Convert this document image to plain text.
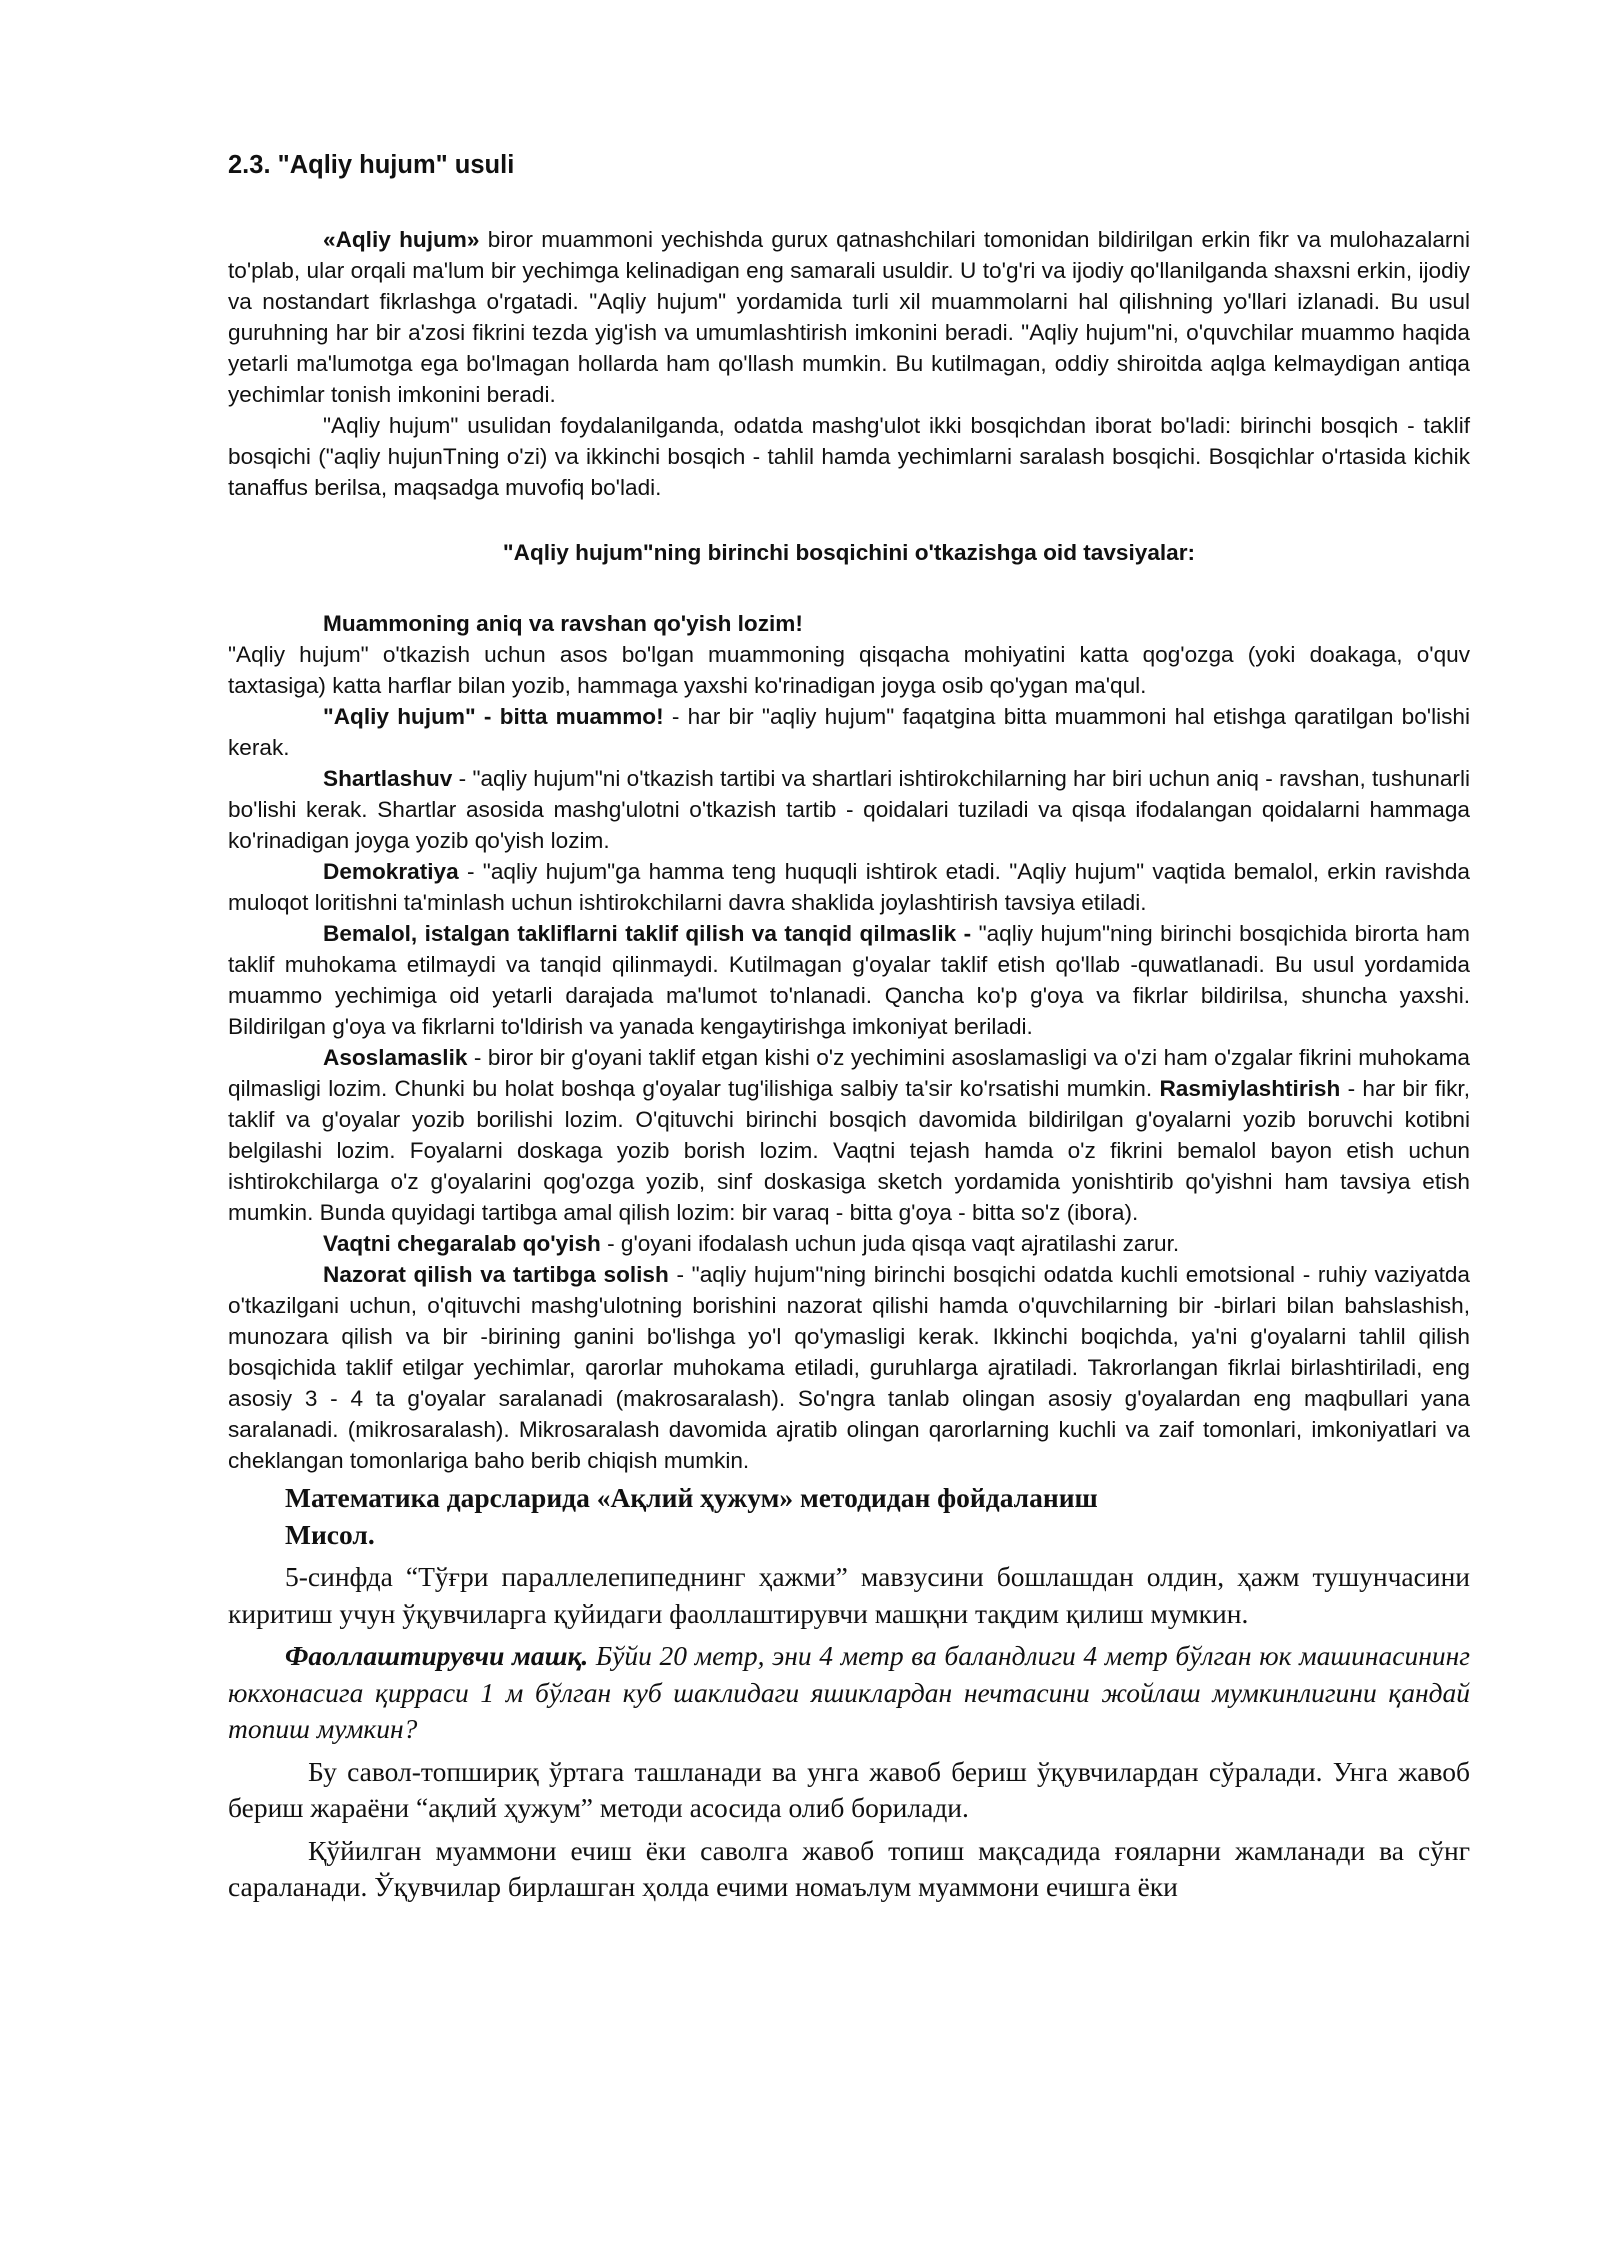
2.3. "Aqliy hujum" usuli

«Aqliy hujum» biror muammoni yechishda gurux qatnashchilari tomonidan bildirilgan erkin fikr va mulohazalarni to'plab, ular orqali ma'lum bir yechimga kelinadigan eng samarali usuldir. U to'g'ri va ijodiy qo'llanilganda shaxsni erkin, ijodiy va nostandart fikrlashga o'rgatadi. "Aqliy hujum" yordamida turli xil muammolarni hal qilishning yo'llari izlanadi. Bu usul guruhning har bir a'zosi fikrini tezda yig'ish va umumlashtirish imkonini beradi. "Aqliy hujum"ni, o'quvchilar muammo haqida yetarli ma'lumotga ega bo'lmagan hollarda ham qo'llash mumkin. Bu kutilmagan, oddiy shiroitda aqlga kelmaydigan antiqa yechimlar tonish imkonini beradi.

"Aqliy hujum" usulidan foydalanilganda, odatda mashg'ulot ikki bosqichdan iborat bo'ladi: birinchi bosqich - taklif bosqichi ("aqliy hujunTning o'zi) va ikkinchi bosqich - tahlil hamda yechimlarni saralash bosqichi. Bosqichlar o'rtasida kichik tanaffus berilsa, maqsadga muvofiq bo'ladi.

"Aqliy hujum"ning birinchi bosqichini o'tkazishga oid tavsiyalar:

Muammoning aniq va ravshan qo'yish lozim!

"Aqliy hujum" o'tkazish uchun asos bo'lgan muammoning qisqacha mohiyatini katta qog'ozga (yoki doakaga, o'quv taxtasiga) katta harflar bilan yozib, hammaga yaxshi ko'rinadigan joyga osib qo'ygan ma'qul.

"Aqliy hujum" - bitta muammo! - har bir "aqliy hujum" faqatgina bitta muammoni hal etishga qaratilgan bo'lishi kerak.

Shartlashuv - "aqliy hujum"ni o'tkazish tartibi va shartlari ishtirokchilarning har biri uchun aniq - ravshan, tushunarli bo'lishi kerak. Shartlar asosida mashg'ulotni o'tkazish tartib - qoidalari tuziladi va qisqa ifodalangan qoidalarni hammaga ko'rinadigan joyga yozib qo'yish lozim.

Demokratiya - "aqliy hujum"ga hamma teng huquqli ishtirok etadi. "Aqliy hujum" vaqtida bemalol, erkin ravishda muloqot loritishni ta'minlash uchun ishtirokchilarni davra shaklida joylashtirish tavsiya etiladi.

Bemalol, istalgan takliflarni taklif qilish va tanqid qilmaslik - "aqliy hujum"ning birinchi bosqichida birorta ham taklif muhokama etilmaydi va tanqid qilinmaydi. Kutilmagan g'oyalar taklif etish qo'llab -quwatlanadi. Bu usul yordamida muammo yechimiga oid yetarli darajada ma'lumot to'nlanadi. Qancha ko'p g'oya va fikrlar bildirilsa, shuncha yaxshi. Bildirilgan g'oya va fikrlarni to'ldirish va yanada kengaytirishga imkoniyat beriladi.

Asoslamaslik - biror bir g'oyani taklif etgan kishi o'z yechimini asoslamasligi va o'zi ham o'zgalar fikrini muhokama qilmasligi lozim. Chunki bu holat boshqa g'oyalar tug'ilishiga salbiy ta'sir ko'rsatishi mumkin. Rasmiylashtirish - har bir fikr, taklif va g'oyalar yozib borilishi lozim. O'qituvchi birinchi bosqich davomida bildirilgan g'oyalarni yozib boruvchi kotibni belgilashi lozim. Foyalarni doskaga yozib borish lozim. Vaqtni tejash hamda o'z fikrini bemalol bayon etish uchun ishtirokchilarga o'z g'oyalarini qog'ozga yozib, sinf doskasiga sketch yordamida yonishtirib qo'yishni ham tavsiya etish mumkin. Bunda quyidagi tartibga amal qilish lozim: bir varaq - bitta g'oya - bitta so'z (ibora).

Vaqtni chegaralab qo'yish - g'oyani ifodalash uchun juda qisqa vaqt ajratilashi zarur.

Nazorat qilish va tartibga solish - "aqliy hujum"ning birinchi bosqichi odatda kuchli emotsional - ruhiy vaziyatda o'tkazilgani uchun, o'qituvchi mashg'ulotning borishini nazorat qilishi hamda o'quvchilarning bir -birlari bilan bahslashish, munozara qilish va bir -birining ganini bo'lishga yo'l qo'ymasligi kerak. Ikkinchi boqichda, ya'ni g'oyalarni tahlil qilish bosqichida taklif etilgar yechimlar, qarorlar muhokama etiladi, guruhlarga ajratiladi. Takrorlangan fikrlai birlashtiriladi, eng asosiy 3 - 4 ta g'oyalar saralanadi (makrosaralash). So'ngra tanlab olingan asosiy g'oyalardan eng maqbullari yana saralanadi. (mikrosaralash). Mikrosaralash davomida ajratib olingan qarorlarning kuchli va zaif tomonlari, imkoniyatlari va cheklangan tomonlariga baho berib chiqish mumkin.

Математика дарсларида «Ақлий ҳужум» методидан фойдаланиш

Мисол.

5-синфда “Тўғри параллелепипеднинг ҳажми” мавзусини бошлашдан олдин, ҳажм тушунчасини киритиш учун ўқувчиларга қуйидаги фаоллаштирувчи машқни тақдим қилиш мумкин.

Фаоллаштирувчи машқ. Бўйи 20 метр, эни 4 метр ва баландлиги 4 метр бўлган юк машинасининг юкхонасига қирраси 1 м бўлган куб шаклидаги яшиклардан нечтасини жойлаш мумкинлигини қандай топиш мумкин?

Бу савол-топшириқ ўртага ташланади ва унга жавоб бериш ўқувчилардан сўралади. Унга жавоб бериш жараёни “ақлий ҳужум” методи асосида олиб борилади.

Қўйилган муаммони ечиш ёки саволга жавоб топиш мақсадида ғояларни жамланади ва сўнг сараланади. Ўқувчилар бирлашган ҳолда ечими номаълум муаммони ечишга ёки
